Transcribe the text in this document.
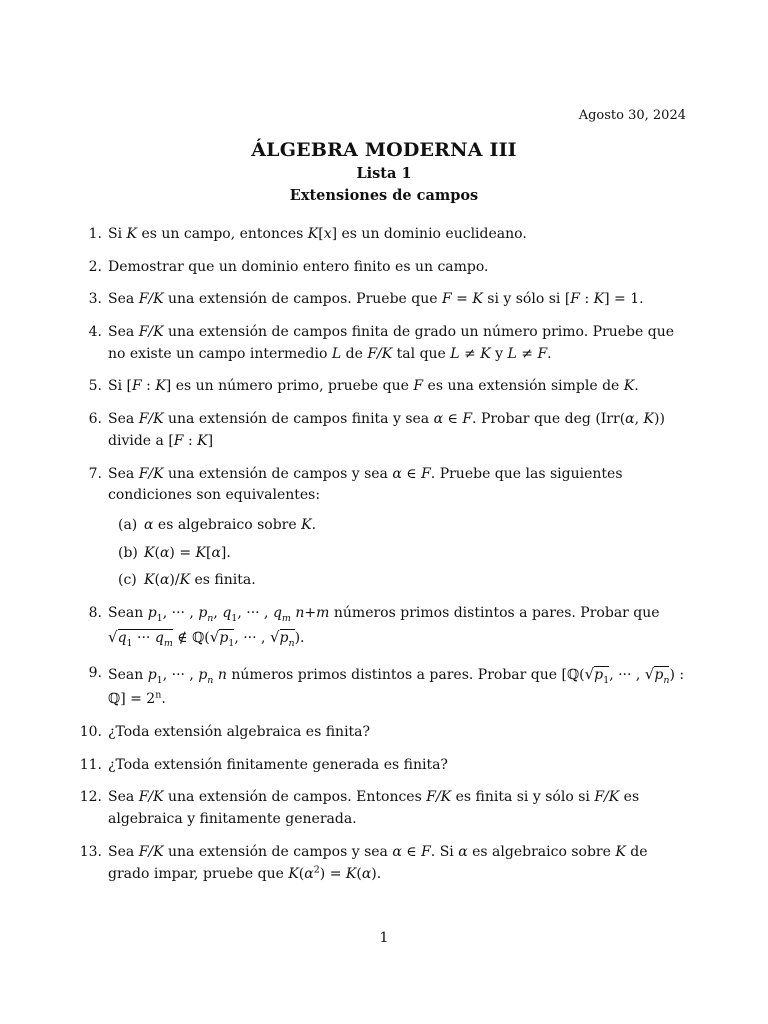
Agosto 30, 2024
ÁLGEBRA MODERNA III
Lista 1
Extensiones de campos
1. Si K es un campo, entonces K[x] es un dominio euclideano.
2. Demostrar que un dominio entero finito es un campo.
3. Sea F/K una extensión de campos. Pruebe que F = K si y sólo si [F : K] = 1.
4. Sea F/K una extensión de campos finita de grado un número primo. Pruebe que no existe un campo intermedio L de F/K tal que L ≠ K y L ≠ F.
5. Si [F : K] es un número primo, pruebe que F es una extensión simple de K.
6. Sea F/K una extensión de campos finita y sea α ∈ F. Probar que deg (Irr(α, K)) divide a [F : K]
7. Sea F/K una extensión de campos y sea α ∈ F. Pruebe que las siguientes condiciones son equivalentes:
(a) α es algebraico sobre K.
(b) K(α) = K[α].
(c) K(α)/K es finita.
8. Sean $p_1$, ··· , $p_n$, $q_1$, ··· , $q_m$ n+m números primos distintos a pares. Probar que $√q_1$ ··· $q_m$ ∉ $ℚ(√p_1$, ··· , $√p_n$).
9. Sean $p_1$, ··· , $p_n$ n números primos distintos a pares. Probar que [$ℚ(√p_1$, ··· , $√p_n$) : ℚ] = $2^n$.
10. ¿Toda extensión algebraica es finita?
11. ¿Toda extensión finitamente generada es finita?
12. Sea F/K una extensión de campos. Entonces F/K es finita si y sólo si F/K es algebraica y finitamente generada.
13. Sea F/K una extensión de campos y sea α ∈ F. Si α es algebraico sobre K de grado impar, pruebe que $K(\alpha^2) = K(\alpha)$.
1
